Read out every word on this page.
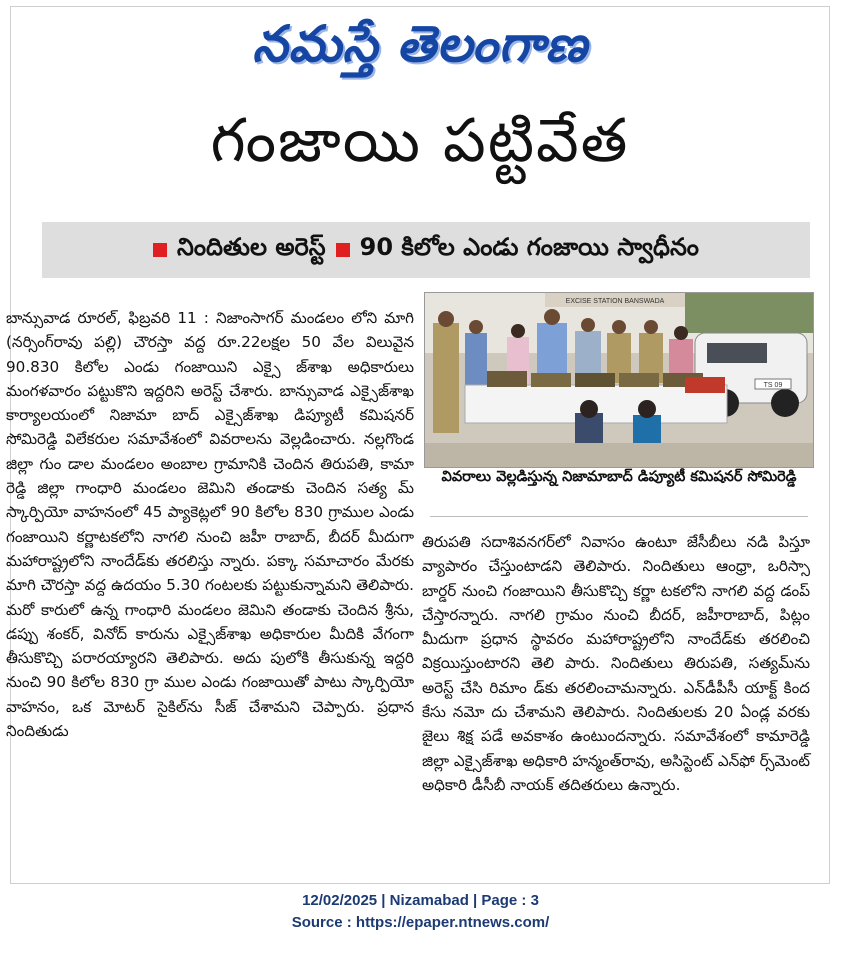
నమస్తే తెలంగాణ
గంజాయి పట్టివేత
నిందితుల అరెస్ట్ 90 కిలోల ఎండు గంజాయి స్వాధీనం

బాన్సువాడ రూరల్, ఫిబ్రవరి 11 : నిజాంసాగర్ మండలం లోని మాగి (నర్సింగ్‌రావు పల్లి) చౌరస్తా వద్ద రూ.22లక్షల 50 వేల విలువైన 90.830 కిలోల ఎండు గంజాయిని ఎక్సై జ్‌శాఖ అధికారులు మంగళవారం పట్టుకొని ఇద్దరిని అరెస్ట్ చేశారు. బాన్సువాడ ఎక్సైజ్‌శాఖ కార్యాలయంలో నిజామా బాద్ ఎక్సైజ్‌శాఖ డిప్యూటీ కమిషనర్ సోమిరెడ్డి విలేకరుల సమావేశంలో వివరాలను వెల్లడించారు. నల్లగొండ జిల్లా గుం డాల మండలం అంబాల గ్రామానికి చెందిన తిరుపతి, కామా రెడ్డి జిల్లా గాంధారి మండలం జెమిని తండాకు చెందిన సత్య మ్ స్కార్పియో వాహనంలో 45 ప్యాకెట్లలో 90 కిలోల 830 గ్రాముల ఎండు గంజాయిని కర్ణాటకలోని నాగలి నుంచి జహీ రాబాద్, బీదర్ మీదుగా మహారాష్ట్రలోని నాందేడ్‌కు తరలిస్తు న్నారు. పక్కా సమాచారం మేరకు మాగి చౌరస్తా వద్ద ఉదయం 5.30 గంటలకు పట్టుకున్నామని తెలిపారు. మరో కారులో ఉన్న గాంధారి మండలం జెమిని తండాకు చెందిన శ్రీను, డప్పు శంకర్, వినోద్ కారును ఎక్సైజ్‌శాఖ అధికారుల మీదికి వేగంగా తీసుకొచ్చి పరారయ్యారని తెలిపారు. అదు పులోకి తీసుకున్న ఇద్దరి నుంచి 90 కిలోల 830 గ్రా ముల ఎండు గంజాయితో పాటు స్కార్పియో వాహనం, ఒక మోటర్ సైకిల్‌ను సీజ్ చేశామని చెప్పారు. ప్రధాన నిందితుడు

EXCISE STATION BANSWADA
TS 09
వివరాలు వెల్లడిస్తున్న నిజామాబాద్ డిప్యూటీ కమిషనర్ సోమిరెడ్డి

తిరుపతి సదాశివనగర్‌లో నివాసం ఉంటూ జేసీబీలు నడి పిస్తూ వ్యాపారం చేస్తుంటాడని తెలిపారు. నిందితులు ఆంధ్రా, ఒరిస్సా బార్డర్ నుంచి గంజాయిని తీసుకొచ్చి కర్ణా టకలోని నాగలి వద్ద డంప్ చేస్తారన్నారు. నాగలి గ్రామం నుంచి బీదర్, జహీరాబాద్, పిట్లం మీదుగా ప్రధాన స్థావరం మహారాష్ట్రలోని నాందేడ్‌కు తరలించి విక్రయిస్తుంటారని తెలి పారు. నిందితులు తిరుపతి, సత్యమ్‌ను అరెస్ట్ చేసి రిమాం డ్‌కు తరలించామన్నారు. ఎన్‌డీపీసీ యాక్ట్ కింద కేసు నమో దు చేశామని తెలిపారు. నిందితులకు 20 ఏండ్ల వరకు జైలు శిక్ష పడే అవకాశం ఉంటుందన్నారు. సమావేశంలో కామారెడ్డి జిల్లా ఎక్సైజ్‌శాఖ అధికారి హన్మంత్‌రావు, అసిస్టెంట్ ఎన్‌ఫో ర్స్‌మెంట్ అధికారి డీసీబీ నాయక్ తదితరులు ఉన్నారు.

12/02/2025 | Nizamabad | Page : 3
Source : https://epaper.ntnews.com/
